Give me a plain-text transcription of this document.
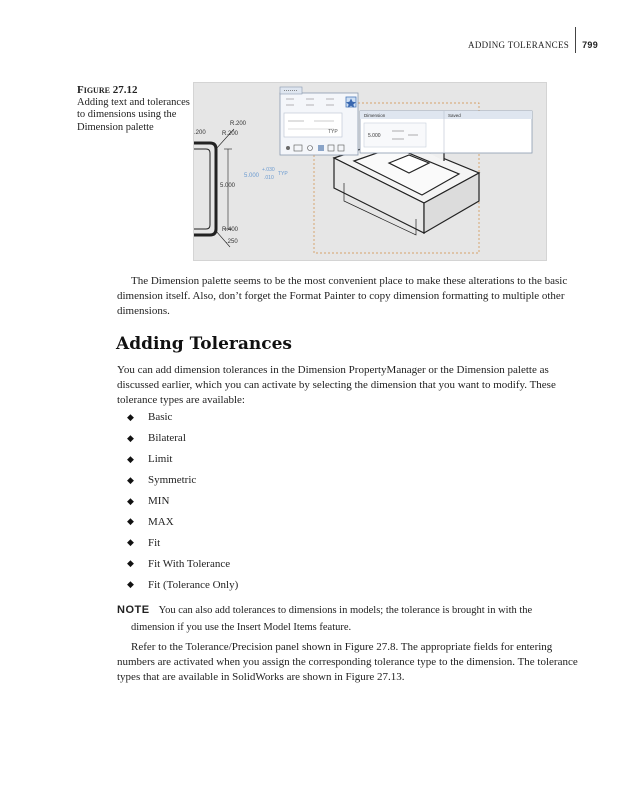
ADDING TOLERANCES	799
Figure 27.12
Adding text and tolerances to dimensions using the Dimension palette	R.200
R.200
.200
5.000
5.000
+.030
.010
TYP
R.400
.250
TYP
Dimension	Saved
5.000
The Dimension palette seems to be the most convenient place to make these alterations to the basic dimension itself. Also, don’t forget the Format Painter to copy dimension formatting to multiple other dimensions.
Adding Tolerances
You can add dimension tolerances in the Dimension PropertyManager or the Dimension palette as discussed earlier, which you can activate by selecting the dimension that you want to modify. These tolerance types are available:
◆	Basic
◆	Bilateral
◆	Limit
◆	Symmetric
◆	MIN
◆	MAX
◆	Fit
◆	Fit With Tolerance
◆	Fit (Tolerance Only)
NOTE You can also add tolerances to dimensions in models; the tolerance is brought in with the
dimension if you use the Insert Model Items feature.
Refer to the Tolerance/Precision panel shown in Figure 27.8. The appropriate fields for entering numbers are activated when you assign the corresponding tolerance type to the dimension. The tolerance types that are available in SolidWorks are shown in Figure 27.13.
